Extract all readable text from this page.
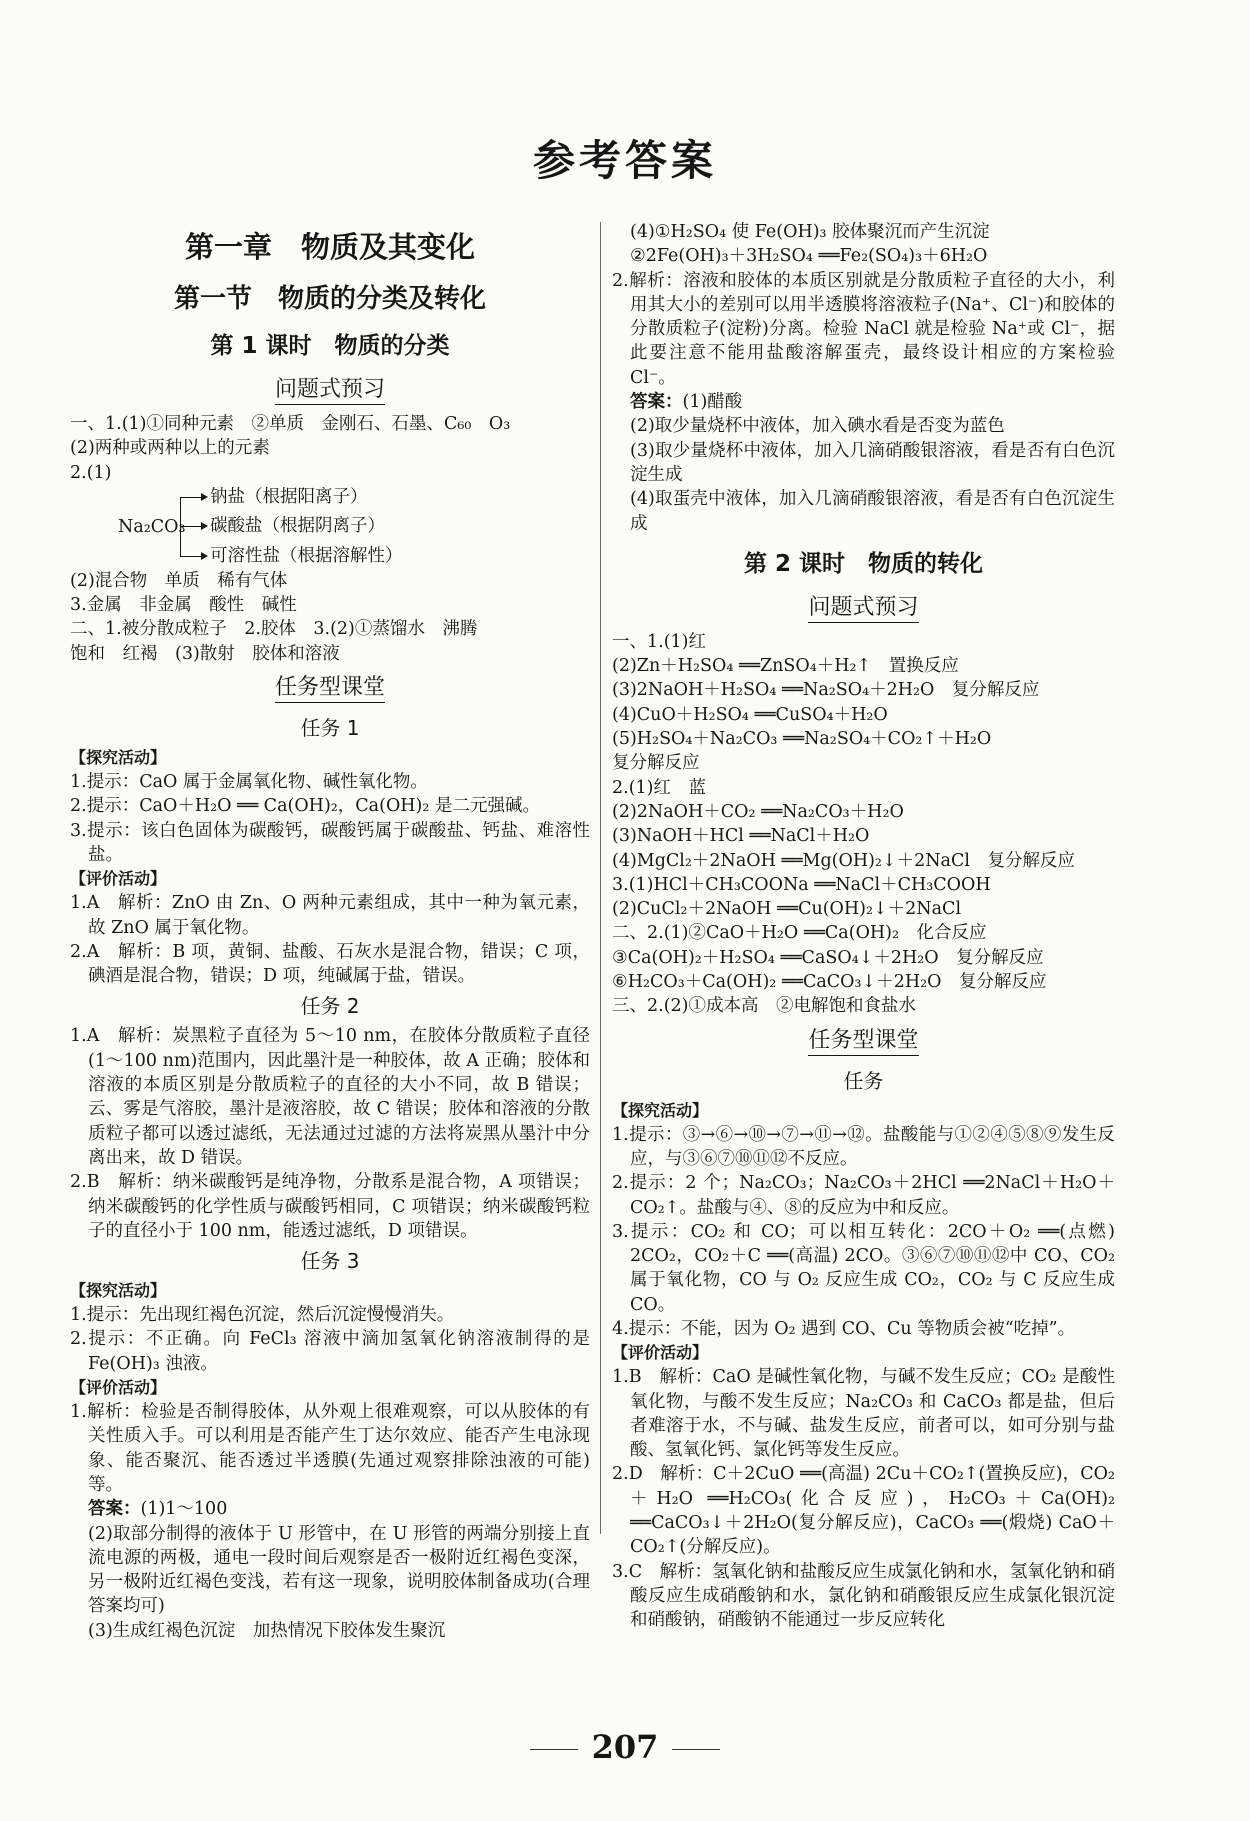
参考答案
第一章　物质及其变化
第一节　物质的分类及转化
第 1 课时　物质的分类
问题式预习

一、1.(1)①同种元素　②单质　金刚石、石墨、C₆₀　O₃

(2)两种或两种以上的元素

2.(1)

Na₂CO₃
钠盐（根据阳离子）
碳酸盐（根据阴离子）
可溶性盐（根据溶解性）

(2)混合物　单质　稀有气体

3.金属　非金属　酸性　碱性

二、1.被分散成粒子　2.胶体　3.(2)①蒸馏水　沸腾

饱和　红褐　(3)散射　胶体和溶液

任务型课堂
任务 1
【探究活动】

1.提示：CaO 属于金属氧化物、碱性氧化物。

2.提示：CaO＋H₂O ══ Ca(OH)₂，Ca(OH)₂ 是二元强碱。

3.提示：该白色固体为碳酸钙，碳酸钙属于碳酸盐、钙盐、难溶性盐。

【评价活动】

1.A　解析：ZnO 由 Zn、O 两种元素组成，其中一种为氧元素，故 ZnO 属于氧化物。

2.A　解析：B 项，黄铜、盐酸、石灰水是混合物，错误；C 项，碘酒是混合物，错误；D 项，纯碱属于盐，错误。

任务 2

1.A　解析：炭黑粒子直径为 5～10 nm，在胶体分散质粒子直径(1～100 nm)范围内，因此墨汁是一种胶体，故 A 正确；胶体和溶液的本质区别是分散质粒子的直径的大小不同，故 B 错误；云、雾是气溶胶，墨汁是液溶胶，故 C 错误；胶体和溶液的分散质粒子都可以透过滤纸，无法通过过滤的方法将炭黑从墨汁中分离出来，故 D 错误。

2.B　解析：纳米碳酸钙是纯净物，分散系是混合物，A 项错误；纳米碳酸钙的化学性质与碳酸钙相同，C 项错误；纳米碳酸钙粒子的直径小于 100 nm，能透过滤纸，D 项错误。

任务 3
【探究活动】

1.提示：先出现红褐色沉淀，然后沉淀慢慢消失。

2.提示：不正确。向 FeCl₃ 溶液中滴加氢氧化钠溶液制得的是 Fe(OH)₃ 浊液。

【评价活动】

1.解析：检验是否制得胶体，从外观上很难观察，可以从胶体的有关性质入手。可以利用是否能产生丁达尔效应、能否产生电泳现象、能否聚沉、能否透过半透膜(先通过观察排除浊液的可能)等。

答案：(1)1～100

(2)取部分制得的液体于 U 形管中，在 U 形管的两端分别接上直流电源的两极，通电一段时间后观察是否一极附近红褐色变深，另一极附近红褐色变浅，若有这一现象，说明胶体制备成功(合理答案均可)

(3)生成红褐色沉淀　加热情况下胶体发生聚沉

(4)①H₂SO₄ 使 Fe(OH)₃ 胶体聚沉而产生沉淀

②2Fe(OH)₃＋3H₂SO₄ ══Fe₂(SO₄)₃＋6H₂O

2.解析：溶液和胶体的本质区别就是分散质粒子直径的大小，利用其大小的差别可以用半透膜将溶液粒子(Na⁺、Cl⁻)和胶体的分散质粒子(淀粉)分离。检验 NaCl 就是检验 Na⁺或 Cl⁻，据此要注意不能用盐酸溶解蛋壳，最终设计相应的方案检验 Cl⁻。

答案：(1)醋酸

(2)取少量烧杯中液体，加入碘水看是否变为蓝色

(3)取少量烧杯中液体，加入几滴硝酸银溶液，看是否有白色沉淀生成

(4)取蛋壳中液体，加入几滴硝酸银溶液，看是否有白色沉淀生成

第 2 课时　物质的转化
问题式预习

一、1.(1)红

(2)Zn＋H₂SO₄ ══ZnSO₄＋H₂↑　置换反应

(3)2NaOH＋H₂SO₄ ══Na₂SO₄＋2H₂O　复分解反应

(4)CuO＋H₂SO₄ ══CuSO₄＋H₂O

(5)H₂SO₄＋Na₂CO₃ ══Na₂SO₄＋CO₂↑＋H₂O

复分解反应

2.(1)红　蓝

(2)2NaOH＋CO₂ ══Na₂CO₃＋H₂O

(3)NaOH＋HCl ══NaCl＋H₂O

(4)MgCl₂＋2NaOH ══Mg(OH)₂↓＋2NaCl　复分解反应

3.(1)HCl＋CH₃COONa ══NaCl＋CH₃COOH

(2)CuCl₂＋2NaOH ══Cu(OH)₂↓＋2NaCl

二、2.(1)②CaO＋H₂O ══Ca(OH)₂　化合反应

③Ca(OH)₂＋H₂SO₄ ══CaSO₄↓＋2H₂O　复分解反应

⑥H₂CO₃＋Ca(OH)₂ ══CaCO₃↓＋2H₂O　复分解反应

三、2.(2)①成本高　②电解饱和食盐水

任务型课堂
任务
【探究活动】

1.提示：③→⑥→⑩→⑦→⑪→⑫。盐酸能与①②④⑤⑧⑨发生反应，与③⑥⑦⑩⑪⑫不反应。

2.提示：2 个；Na₂CO₃；Na₂CO₃＋2HCl ══2NaCl＋H₂O＋CO₂↑。盐酸与④、⑧的反应为中和反应。

3.提示：CO₂ 和 CO；可以相互转化：2CO＋O₂ ══(点燃) 2CO₂，CO₂＋C ══(高温) 2CO。③⑥⑦⑩⑪⑫中 CO、CO₂ 属于氧化物，CO 与 O₂ 反应生成 CO₂，CO₂ 与 C 反应生成 CO。

4.提示：不能，因为 O₂ 遇到 CO、Cu 等物质会被“吃掉”。

【评价活动】

1.B　解析：CaO 是碱性氧化物，与碱不发生反应；CO₂ 是酸性氧化物，与酸不发生反应；Na₂CO₃ 和 CaCO₃ 都是盐，但后者难溶于水，不与碱、盐发生反应，前者可以，如可分别与盐酸、氢氧化钙、氯化钙等发生反应。

2.D　解析：C＋2CuO ══(高温) 2Cu＋CO₂↑(置换反应)，CO₂＋H₂O ══H₂CO₃(化合反应)，H₂CO₃＋Ca(OH)₂ ══CaCO₃↓＋2H₂O(复分解反应)，CaCO₃ ══(煅烧) CaO＋CO₂↑(分解反应)。

3.C　解析：氢氧化钠和盐酸反应生成氯化钠和水，氢氧化钠和硝酸反应生成硝酸钠和水，氯化钠和硝酸银反应生成氯化银沉淀和硝酸钠，硝酸钠不能通过一步反应转化

207
